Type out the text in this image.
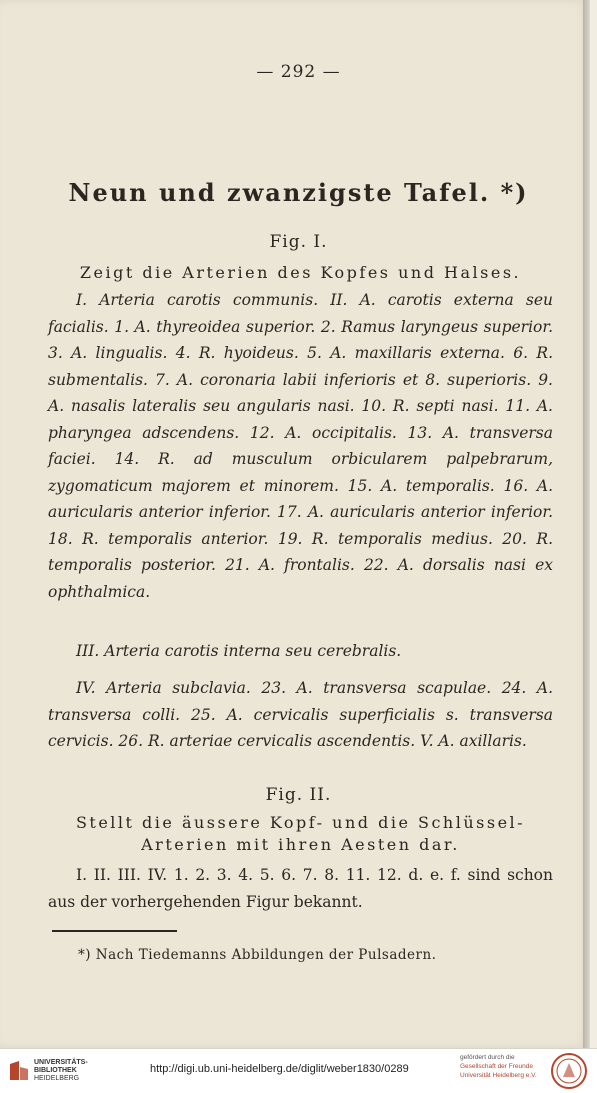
— 292 —
Neun und zwanzigste Tafel. *)
Fig. I.
Zeigt die Arterien des Kopfes und Halses.

I. Arteria carotis communis. II. A. carotis externa seu facialis. 1. A. thyreoidea superior. 2. Ramus laryngeus superior. 3. A. lingualis. 4. R. hyoideus. 5. A. maxillaris externa. 6. R. submentalis. 7. A. coronaria labii inferioris et 8. superioris. 9. A. nasalis lateralis seu angularis nasi. 10. R. septi nasi. 11. A. pharyngea adscendens. 12. A. occipitalis. 13. A. transversa faciei. 14. R. ad musculum orbicularem palpebrarum, zygomaticum majorem et minorem. 15. A. temporalis. 16. A. auricularis anterior inferior. 17. A. auricularis anterior inferior. 18. R. temporalis anterior. 19. R. temporalis medius. 20. R. temporalis posterior. 21. A. frontalis. 22. A. dorsalis nasi ex ophthalmica.

III. Arteria carotis interna seu cerebralis.

IV. Arteria subclavia. 23. A. transversa scapulae. 24. A. transversa colli. 25. A. cervicalis superficialis s. transversa cervicis. 26. R. arteriae cervicalis ascendentis. V. A. axillaris.

Fig. II.
Stellt die äussere Kopf- und die Schlüssel-Arterien mit ihren Aesten dar.

I. II. III. IV. 1. 2. 3. 4. 5. 6. 7. 8. 11. 12. d. e. f. sind schon aus der vorhergehenden Figur bekannt.

*) Nach Tiedemanns Abbildungen der Pulsadern.
UNIVERSITÄTS-
BIBLIOTHEK
HEIDELBERG
http://digi.ub.uni-heidelberg.de/diglit/weber1830/0289
gefördert durch die
Gesellschaft der Freunde
Universität Heidelberg e.V.
